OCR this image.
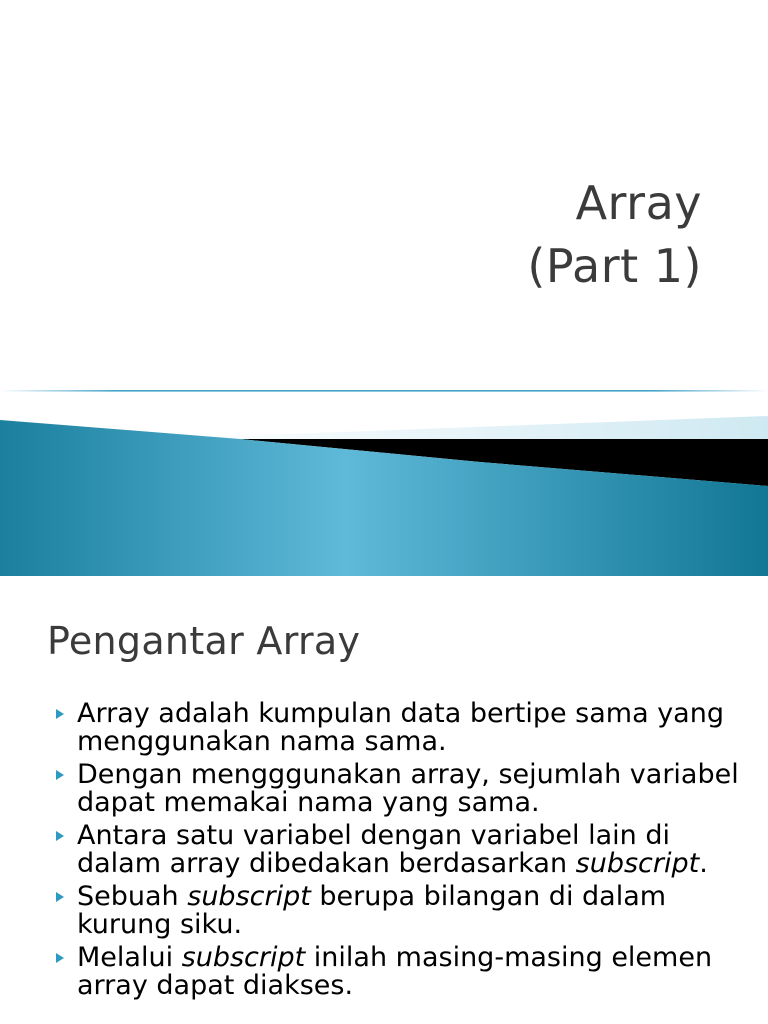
Array
(Part 1)
Pengantar Array
Array adalah kumpulan data bertipe sama yang menggunakan nama sama.
Dengan mengggunakan array, sejumlah variabel dapat memakai nama yang sama.
Antara satu variabel dengan variabel lain di dalam array dibedakan berdasarkan subscript.
Sebuah subscript berupa bilangan di dalam kurung siku.
Melalui subscript inilah masing-masing elemen array dapat diakses.
